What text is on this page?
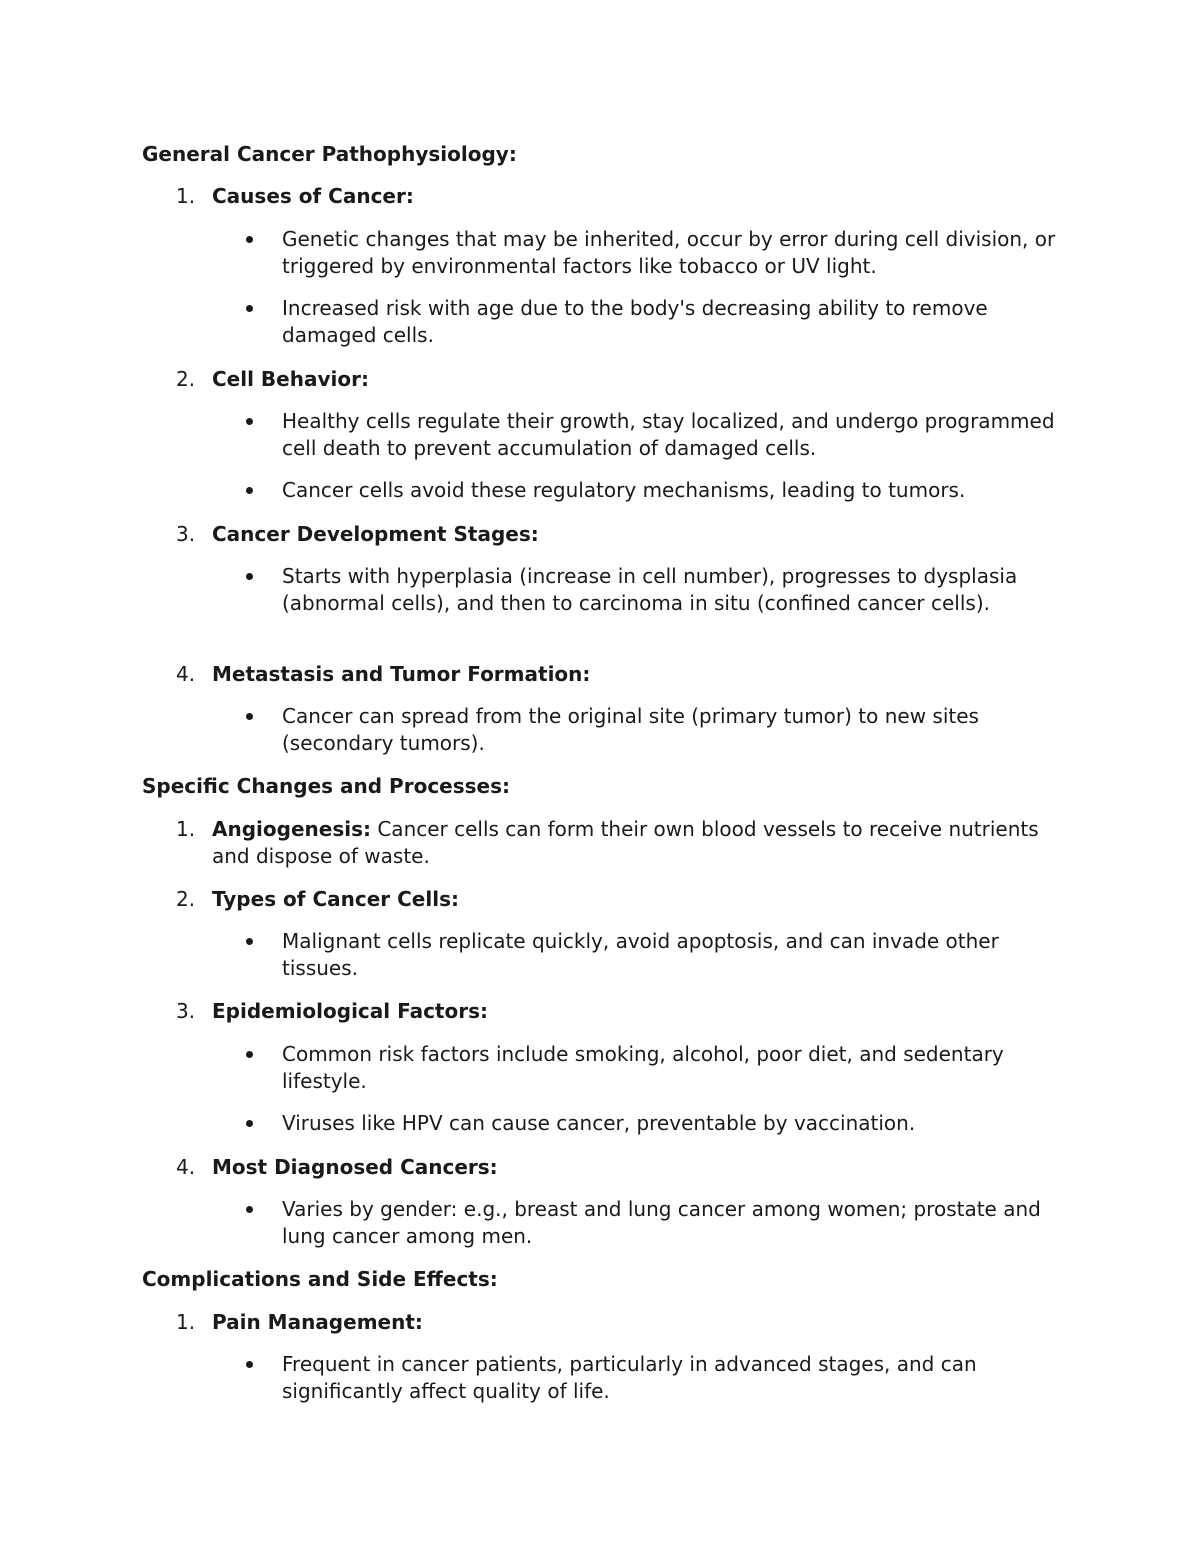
General Cancer Pathophysiology:
1. Causes of Cancer:
Genetic changes that may be inherited, occur by error during cell division, or triggered by environmental factors like tobacco or UV light.
Increased risk with age due to the body's decreasing ability to remove damaged cells.
2. Cell Behavior:
Healthy cells regulate their growth, stay localized, and undergo programmed cell death to prevent accumulation of damaged cells.
Cancer cells avoid these regulatory mechanisms, leading to tumors.
3. Cancer Development Stages:
Starts with hyperplasia (increase in cell number), progresses to dysplasia (abnormal cells), and then to carcinoma in situ (confined cancer cells).
4. Metastasis and Tumor Formation:
Cancer can spread from the original site (primary tumor) to new sites (secondary tumors).
Specific Changes and Processes:
1. Angiogenesis: Cancer cells can form their own blood vessels to receive nutrients and dispose of waste.
2. Types of Cancer Cells:
Malignant cells replicate quickly, avoid apoptosis, and can invade other tissues.
3. Epidemiological Factors:
Common risk factors include smoking, alcohol, poor diet, and sedentary lifestyle.
Viruses like HPV can cause cancer, preventable by vaccination.
4. Most Diagnosed Cancers:
Varies by gender: e.g., breast and lung cancer among women; prostate and lung cancer among men.
Complications and Side Effects:
1. Pain Management:
Frequent in cancer patients, particularly in advanced stages, and can significantly affect quality of life.
